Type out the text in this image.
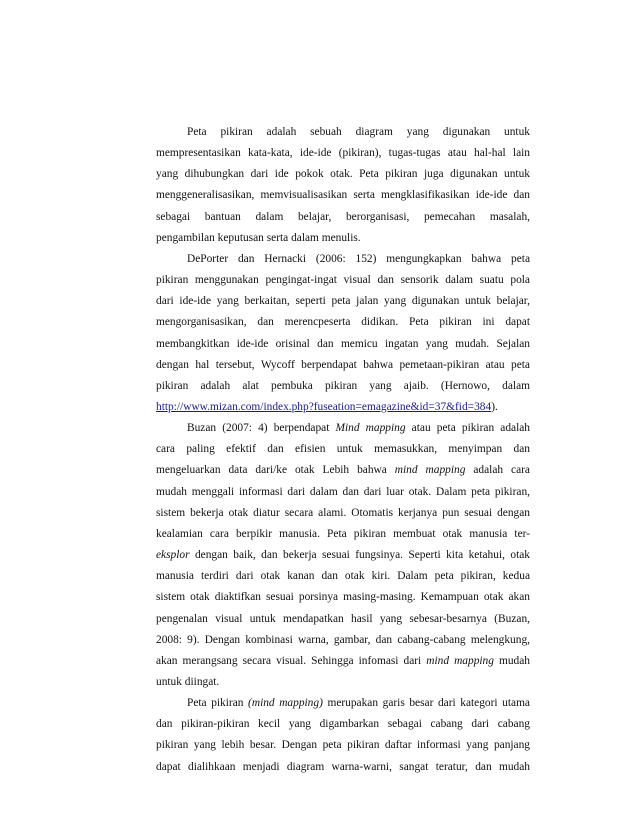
Peta pikiran adalah sebuah diagram yang digunakan untuk
mempresentasikan kata-kata, ide-ide (pikiran), tugas-tugas atau hal-hal lain
yang dihubungkan dari ide pokok otak. Peta pikiran juga digunakan untuk
menggeneralisasikan, memvisualisasikan serta mengklasifikasikan ide-ide dan
sebagai bantuan dalam belajar, berorganisasi, pemecahan masalah,
pengambilan keputusan serta dalam menulis.
DePorter dan Hernacki (2006: 152) mengungkapkan bahwa peta
pikiran menggunakan pengingat-ingat visual dan sensorik dalam suatu pola
dari ide-ide yang berkaitan, seperti peta jalan yang digunakan untuk belajar,
mengorganisasikan, dan merencpeserta didikan. Peta pikiran ini dapat
membangkitkan ide-ide orisinal dan memicu ingatan yang mudah. Sejalan
dengan hal tersebut, Wycoff berpendapat bahwa pemetaan-pikiran atau peta
pikiran adalah alat pembuka pikiran yang ajaib. (Hernowo, dalam
http://www.mizan.com/index.php?fuseation=emagazine&id=37&fid=384).
Buzan (2007: 4) berpendapat Mind mapping atau peta pikiran adalah
cara paling efektif dan efisien untuk memasukkan, menyimpan dan
mengeluarkan data dari/ke otak Lebih bahwa mind mapping adalah cara
mudah menggali informasi dari dalam dan dari luar otak. Dalam peta pikiran,
sistem bekerja otak diatur secara alami. Otomatis kerjanya pun sesuai dengan
kealamian cara berpikir manusia. Peta pikiran membuat otak manusia ter-
eksplor dengan baik, dan bekerja sesuai fungsinya. Seperti kita ketahui, otak
manusia terdiri dari otak kanan dan otak kiri. Dalam peta pikiran, kedua
sistem otak diaktifkan sesuai porsinya masing-masing. Kemampuan otak akan
pengenalan visual untuk mendapatkan hasil yang sebesar-besarnya (Buzan,
2008: 9). Dengan kombinasi warna, gambar, dan cabang-cabang melengkung,
akan merangsang secara visual. Sehingga infomasi dari mind mapping mudah
untuk diingat.
Peta pikiran (mind mapping) merupakan garis besar dari kategori utama
dan pikiran-pikiran kecil yang digambarkan sebagai cabang dari cabang
pikiran yang lebih besar. Dengan peta pikiran daftar informasi yang panjang
dapat dialihkaan menjadi diagram warna-warni, sangat teratur, dan mudah
